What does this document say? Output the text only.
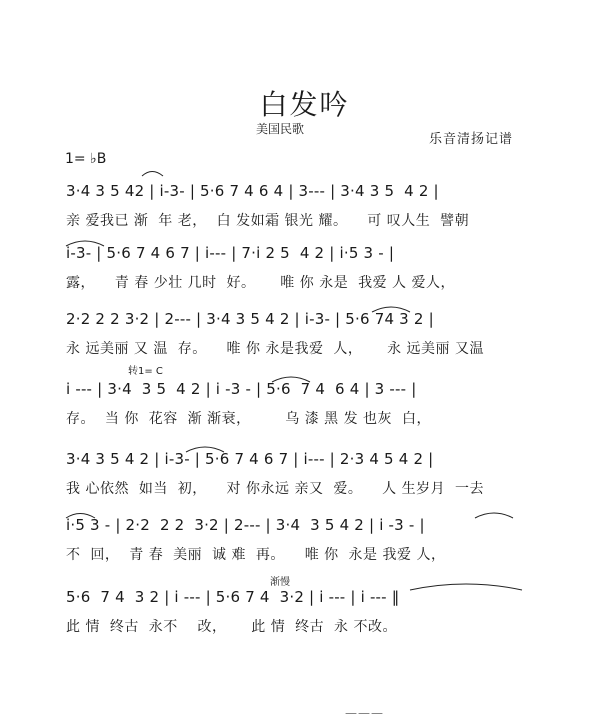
白发吟
美国民歌
乐音清扬记谱
1= ♭B
3·4 3 5 42 | i-3- | 5·6 7 4 6 4 | 3--- | 3·4 3 5  4 2 |
亲 爱我已 渐  年 老，  白 发如霜 银光 耀。    可 叹人生  譬朝
i-3- | 5·6 7 4 6 7 | i--- | 7·i 2 5  4 2 | i·5 3 - |
露，    青 春 少壮 几时  好。     唯 你 永是  我爱 人 爱人，
2·2 2 2 3·2 | 2--- | 3·4 3 5 4 2 | i-3- | 5·6 74 3 2 |
永 远美丽 又 温  存。    唯 你 永是我爱  人，     永 远美丽 又温
转1= C
i --- | 3·4  3 5  4 2 | i -3 - | 5·6  7 4  6 4 | 3 --- |
存。  当 你  花容  渐 渐衰，       乌 漆 黑 发 也灰  白，
3·4 3 5 4 2 | i-3- | 5·6 7 4 6 7 | i--- | 2·3 4 5 4 2 |
我 心依然  如当  初，    对 你永远 亲又  爱。    人 生岁月  一去
i·5 3 - | 2·2  2 2  3·2 | 2--- | 3·4  3 5 4 2 | i -3 - |
不  回，  青 春  美丽  诚 难  再。    唯 你  永是 我爱 人，
渐慢
5·6  7 4  3 2 | i --- | 5·6 7 4  3·2 | i --- | i --- ‖
此 情  终古  永不    改，     此 情  终古  永 不改。
———
